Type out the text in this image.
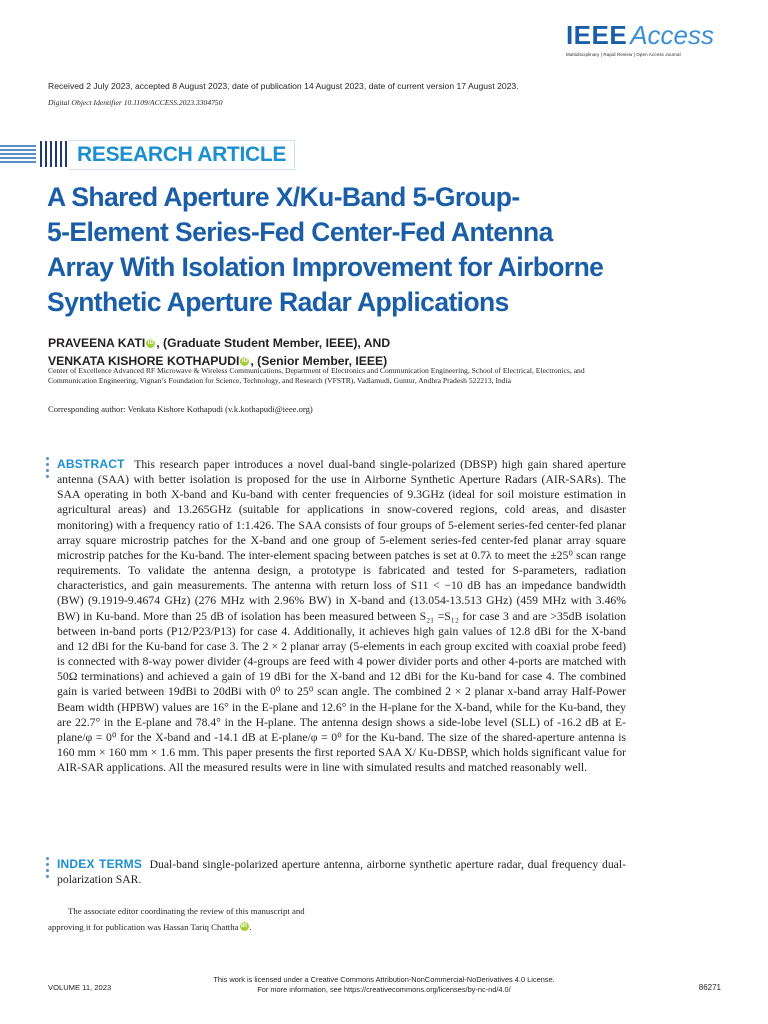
IEEE Access
Multidisciplinary | Rapid Review | Open Access Journal
Received 2 July 2023, accepted 8 August 2023, date of publication 14 August 2023, date of current version 17 August 2023.
Digital Object Identifier 10.1109/ACCESS.2023.3304750
RESEARCH ARTICLE
A Shared Aperture X/Ku-Band 5-Group-
5-Element Series-Fed Center-Fed Antenna
Array With Isolation Improvement for Airborne
Synthetic Aperture Radar Applications
PRAVEENA KATI iD , (Graduate Student Member, IEEE), AND
VENKATA KISHORE KOTHAPUDI iD , (Senior Member, IEEE)
Center of Excellence Advanced RF Microwave & Wireless Communications, Department of Electronics and Communication Engineering, School of Electrical, Electronics, and Communication Engineering, Vignan’s Foundation for Science, Technology, and Research (VFSTR), Vadlamudi, Guntur, Andhra Pradesh 522213, India
Corresponding author: Venkata Kishore Kothapudi (v.k.kothapudi@ieee.org)

ABSTRACT This research paper introduces a novel dual-band single-polarized (DBSP) high gain shared aperture antenna (SAA) with better isolation is proposed for the use in Airborne Synthetic Aperture Radars (AIR-SARs). The SAA operating in both X-band and Ku-band with center frequencies of 9.3GHz (ideal for soil moisture estimation in agricultural areas) and 13.265GHz (suitable for applications in snow-covered regions, cold areas, and disaster monitoring) with a frequency ratio of 1:1.426. The SAA consists of four groups of 5-element series-fed center-fed planar array square microstrip patches for the X-band and one group of 5-element series-fed center-fed planar array square microstrip patches for the Ku-band. The inter-element spacing between patches is set at 0.7λ to meet the ±25⁰ scan range requirements. To validate the antenna design, a prototype is fabricated and tested for S-parameters, radiation characteristics, and gain measurements. The antenna with return loss of S11 < −10 dB has an impedance bandwidth (BW) (9.1919-9.4674 GHz) (276 MHz with 2.96% BW) in X-band and (13.054-13.513 GHz) (459 MHz with 3.46% BW) in Ku-band. More than 25 dB of isolation has been measured between S₂₁ =S₁₂ for case 3 and are >35dB isolation between in-band ports (P12/P23/P13) for case 4. Additionally, it achieves high gain values of 12.8 dBi for the X-band and 12 dBi for the Ku-band for case 3. The 2 × 2 planar array (5-elements in each group excited with coaxial probe feed) is connected with 8-way power divider (4-groups are feed with 4 power divider ports and other 4-ports are matched with 50Ω terminations) and achieved a gain of 19 dBi for the X-band and 12 dBi for the Ku-band for case 4. The combined gain is varied between 19dBi to 20dBi with 0⁰ to 25⁰ scan angle. The combined 2 × 2 planar x-band array Half-Power Beam width (HPBW) values are 16° in the E-plane and 12.6° in the H-plane for the X-band, while for the Ku-band, they are 22.7° in the E-plane and 78.4° in the H-plane. The antenna design shows a side-lobe level (SLL) of -16.2 dB at E-plane/φ = 0⁰ for the X-band and -14.1 dB at E-plane/φ = 0⁰ for the Ku-band. The size of the shared-aperture antenna is 160 mm × 160 mm × 1.6 mm. This paper presents the first reported SAA X/ Ku-DBSP, which holds significant value for AIR-SAR applications. All the measured results were in line with simulated results and matched reasonably well.

INDEX TERMS Dual-band single-polarized aperture antenna, airborne synthetic aperture radar, dual frequency dual-polarization SAR.

The associate editor coordinating the review of this manuscript and
approving it for publication was Hassan Tariq Chattha iD .
This work is licensed under a Creative Commons Attribution-NonCommercial-NoDerivatives 4.0 License.
For more information, see https://creativecommons.org/licenses/by-nc-nd/4.0/
VOLUME 11, 2023	86271
